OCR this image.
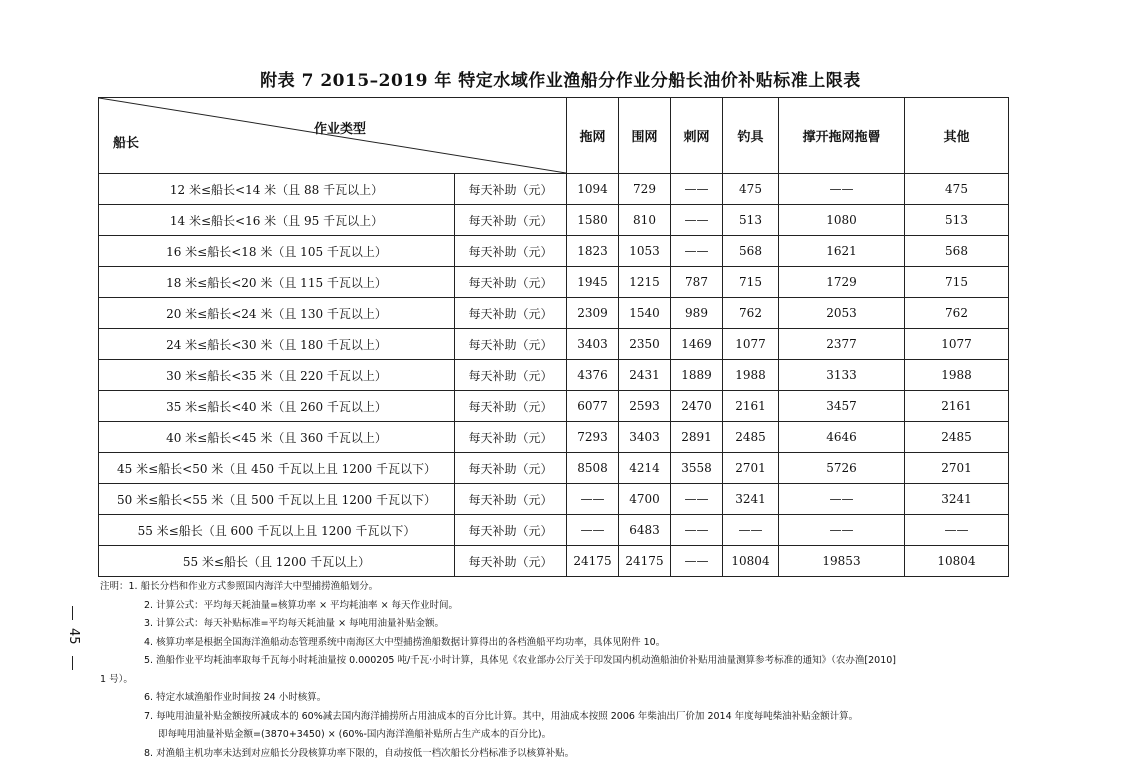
附表 7 2015–2019 年 特定水域作业渔船分作业分船长油价补贴标准上限表
作业类型
船长		拖网	围网	刺网	钓具	撑开拖网拖罾	其他
12 米≤船长<14 米（且 88 千瓦以上）	每天补助（元）	1094	729	——	475	——	475
14 米≤船长<16 米（且 95 千瓦以上）	每天补助（元）	1580	810	——	513	1080	513
16 米≤船长<18 米（且 105 千瓦以上）	每天补助（元）	1823	1053	——	568	1621	568
18 米≤船长<20 米（且 115 千瓦以上）	每天补助（元）	1945	1215	787	715	1729	715
20 米≤船长<24 米（且 130 千瓦以上）	每天补助（元）	2309	1540	989	762	2053	762
24 米≤船长<30 米（且 180 千瓦以上）	每天补助（元）	3403	2350	1469	1077	2377	1077
30 米≤船长<35 米（且 220 千瓦以上）	每天补助（元）	4376	2431	1889	1988	3133	1988
35 米≤船长<40 米（且 260 千瓦以上）	每天补助（元）	6077	2593	2470	2161	3457	2161
40 米≤船长<45 米（且 360 千瓦以上）	每天补助（元）	7293	3403	2891	2485	4646	2485
45 米≤船长<50 米（且 450 千瓦以上且 1200 千瓦以下）	每天补助（元）	8508	4214	3558	2701	5726	2701
50 米≤船长<55 米（且 500 千瓦以上且 1200 千瓦以下）	每天补助（元）	——	4700	——	3241	——	3241
55 米≤船长（且 600 千瓦以上且 1200 千瓦以下）	每天补助（元）	——	6483	——	——	——	——
55 米≤船长（且 1200 千瓦以上）	每天补助（元）	24175	24175	——	10804	19853	10804
注明：1. 船长分档和作业方式参照国内海洋大中型捕捞渔船划分。
2. 计算公式：平均每天耗油量=核算功率 × 平均耗油率 × 每天作业时间。
3. 计算公式：每天补贴标准=平均每天耗油量 × 每吨用油量补贴金额。
4. 核算功率是根据全国海洋渔船动态管理系统中南海区大中型捕捞渔船数据计算得出的各档渔船平均功率，具体见附件 10。
5. 渔船作业平均耗油率取每千瓦每小时耗油量按 0.000205 吨/千瓦·小时计算，具体见《农业部办公厅关于印发国内机动渔船油价补贴用油量测算参考标准的通知》（农办渔[2010]
1 号）。
6. 特定水域渔船作业时间按 24 小时核算。
7. 每吨用油量补贴金额按所减成本的 60%减去国内海洋捕捞所占用油成本的百分比计算。其中，用油成本按照 2006 年柴油出厂价加 2014 年度每吨柴油补贴金额计算。
即每吨用油量补贴金额=(3870+3450) × (60%-国内海洋渔船补贴所占生产成本的百分比)。
8. 对渔船主机功率未达到对应船长分段核算功率下限的，自动按低一档次船长分档标准予以核算补贴。
45
